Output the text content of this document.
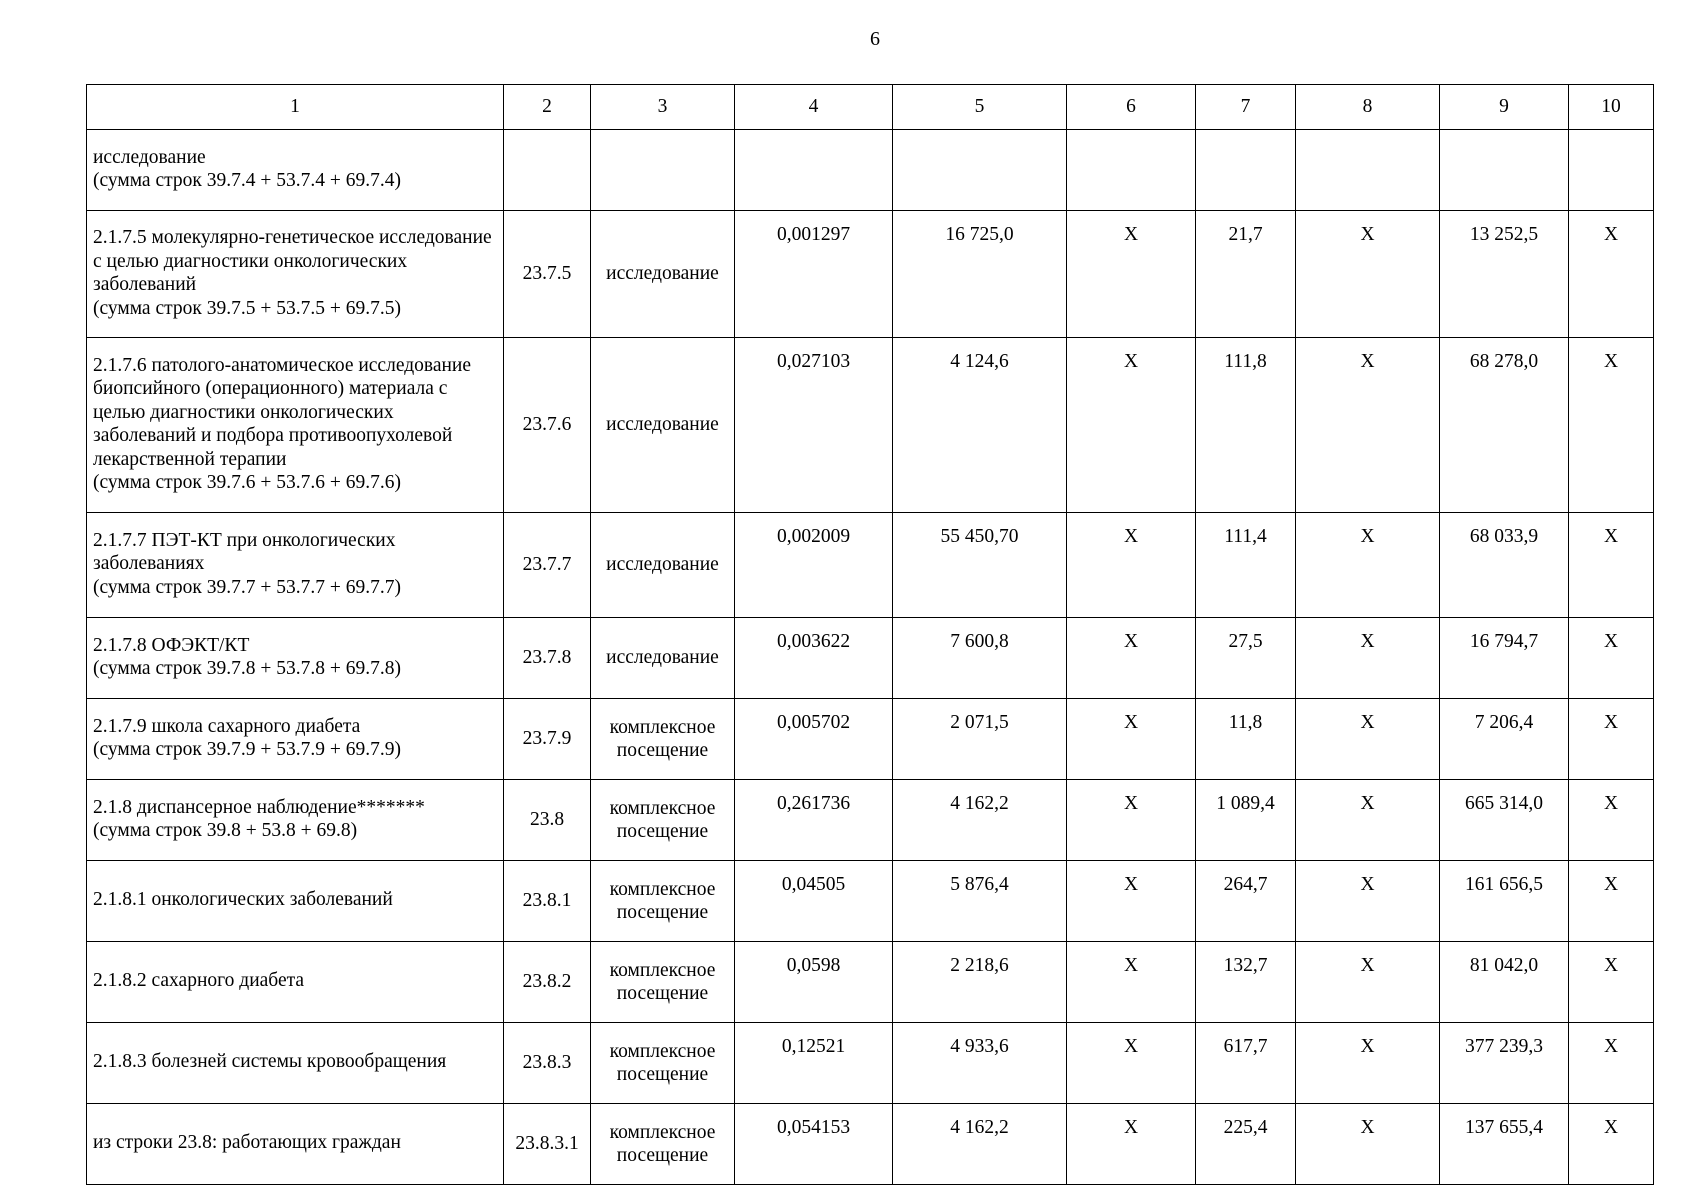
6
1	2	3	4	5	6	7	8	9	10
исследование
(сумма строк 39.7.4 + 53.7.4 + 69.7.4)									
2.1.7.5 молекулярно-генетическое исследование с целью диагностики онкологических заболеваний
(сумма строк 39.7.5 + 53.7.5 + 69.7.5)	23.7.5	исследование	0,001297	16 725,0	Х	21,7	Х	13 252,5	Х
2.1.7.6 патолого-анатомическое исследование биопсийного (операционного) материала с целью диагностики онкологических заболеваний и подбора противоопухолевой лекарственной терапии
(сумма строк 39.7.6 + 53.7.6 + 69.7.6)	23.7.6	исследование	0,027103	4 124,6	Х	111,8	Х	68 278,0	Х
2.1.7.7 ПЭТ-КТ при онкологических заболеваниях
(сумма строк 39.7.7 + 53.7.7 + 69.7.7)	23.7.7	исследование	0,002009	55 450,70	Х	111,4	Х	68 033,9	Х
2.1.7.8 ОФЭКТ/КТ
(сумма строк 39.7.8 + 53.7.8 + 69.7.8)	23.7.8	исследование	0,003622	7 600,8	Х	27,5	Х	16 794,7	Х
2.1.7.9 школа сахарного диабета
(сумма строк 39.7.9 + 53.7.9 + 69.7.9)	23.7.9	комплексное посещение	0,005702	2 071,5	Х	11,8	Х	7 206,4	Х
2.1.8 диспансерное наблюдение*******
(сумма строк 39.8 + 53.8 + 69.8)	23.8	комплексное посещение	0,261736	4 162,2	Х	1 089,4	Х	665 314,0	Х
2.1.8.1 онкологических заболеваний	23.8.1	комплексное посещение	0,04505	5 876,4	Х	264,7	Х	161 656,5	Х
2.1.8.2 сахарного диабета	23.8.2	комплексное посещение	0,0598	2 218,6	Х	132,7	Х	81 042,0	Х
2.1.8.3 болезней системы кровообращения	23.8.3	комплексное посещение	0,12521	4 933,6	Х	617,7	Х	377 239,3	Х
из строки 23.8: работающих граждан	23.8.3.1	комплексное посещение	0,054153	4 162,2	Х	225,4	Х	137 655,4	Х
